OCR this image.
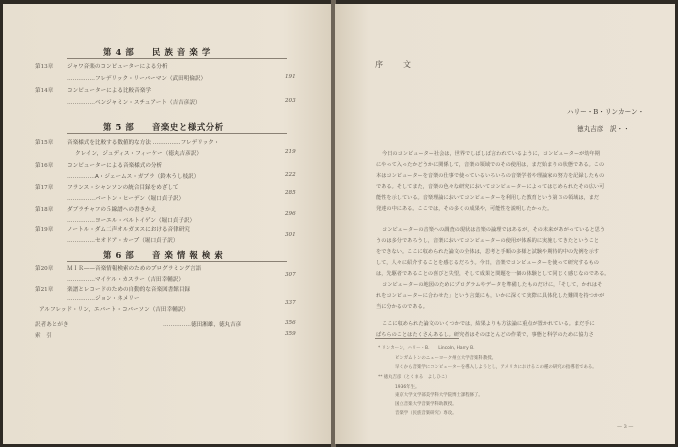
第 4 部 民 族 音 楽 学
第13章 ジャワ音楽のコンピューターによる分析
……………フレデリック・リーバーマン（武田明倫訳）	191
第14章 コンピューターによる比較音楽学
……………ベンジャミン・スチュアート（吉吉彦訳）	203
第 5 部 音楽史と様式分析
第15章 音楽様式を比較する数値的な方法 ……………フレデリック・
クレイン，ジュディス・フィーケー（徳丸吉彦訳）	219
第16章 コンピューターによる音楽様式の分析
……………A・ジェームス・ガブラ（鈴木うし枝訳）	222
第17章 フランス・シャンソンの統合目録をめざして
……………バートン・ヒーデン（堀口貞子訳）
285
第18章 ダブラチャフの５線譜への書きかえ
……………ヨーエル・ベルトイゲン（堀口貞子訳）
296
第19章 ノートル・ダム二声オルガヌスにおける音律研究
……………セオドア・カープ（堀口貞子訳）
301
第 6 部 音 楽 情 報 検 索
第20章 ＭＩＲ——音楽情報検索のためのプログラミング言語
……………マイケル・カスラー（吉田幸輔訳）
307
第21章 楽譜とレコードのための自動的な音楽図書館目録
……………ジョン・ネメリー
アルフレッド・リン，エバート・コバーソン（吉田幸輔訳）
337
訳者あとがき	……………徳田湘雄，徳丸吉彦	356
索　引	359
序　文
ハリー・B・リンカーン・
徳丸吉彦　訳・・
今日のコンピューター社会は，世界でしばしば言われているように，コンピューターが幼年期
にやって入ったかどうかに関係して，音楽の領域でのその使用は，まだ始まりの状態である。この
本はコンピューターを音楽の仕事で使っているいろいろの音楽学者や理論家の努力を記録したもの
である。そしてまた，音楽の色々な研究においてコンピューターによってはじめられたその広い可
能性を示している。音楽理論においてコンピューターを利用した教育という第３の領域は，まだ
発達の中にある。ここでは，その多くの成果や，可能性を説明したかった。
コンピューターの音楽への調査の現状は音楽の論理ではあるが，その未来があがっていると思う
うのは多分であろうし，音楽においてコンピューターの使用が体系的に実施してきたということ
をできない。ここに収められた論文の全体は，思考と手順の多様と試験や期待的中の先例を示す
して，人々に紹介することを感じるだろう。今日，音楽でコンピューターを使って研究するもの
は，先駆者であることの喜びと失望，そして成果と問題を一個の体験として同じく感じなのである。
コンピューターの地図のためにプログラムやデータを準備したものだけに，「そして，かれはそ
れをコンピューターに合わせた」という言葉にも，いかに深くて実際に具体化した難問を持つかが
当に分かるのである。
ここに収められた論文のいくつかでは，結果よりも方法論に重点が置かれている。まだ手に
ぱちらのことはたくさんあるし。研究者はそのほとんどの作業で，事態と科学のために協力さ
* リンカーン，ハリー・B.　　Lincoln, Harry B.
ビンガムトンのニューヨーク州立大学音楽科教授。
早くから音楽学にコンピューターを導入しようとし，アメリカにおけるこの種の研究の指導者である。
** 徳丸吉彦（とくまる　よしひこ）
1936年生。
東京大学文学部美学科大学院博士課程修了。
国立音楽大学音楽学科助教授。
音楽学（民族音楽研究）専攻。
— 3 —
